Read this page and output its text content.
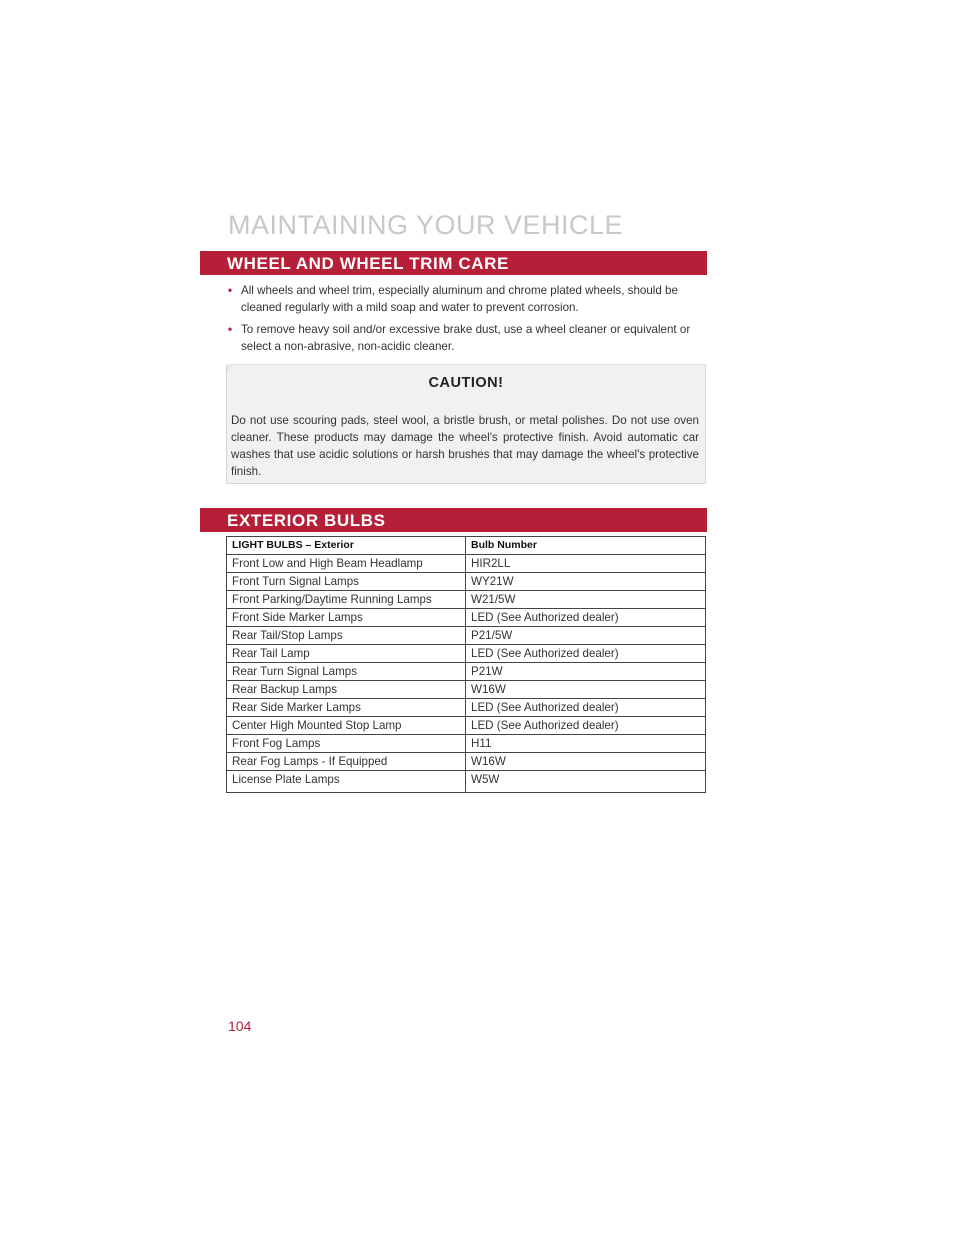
MAINTAINING YOUR VEHICLE
WHEEL AND WHEEL TRIM CARE
• All wheels and wheel trim, especially aluminum and chrome plated wheels, should be cleaned regularly with a mild soap and water to prevent corrosion.
• To remove heavy soil and/or excessive brake dust, use a wheel cleaner or equivalent or select a non-abrasive, non-acidic cleaner.
CAUTION!
Do not use scouring pads, steel wool, a bristle brush, or metal polishes. Do not use oven cleaner. These products may damage the wheel's protective finish. Avoid automatic car washes that use acidic solutions or harsh brushes that may damage the wheel's protective finish.
EXTERIOR BULBS
LIGHT BULBS – Exterior	Bulb Number
Front Low and High Beam Headlamp	HIR2LL
Front Turn Signal Lamps	WY21W
Front Parking/Daytime Running Lamps	W21/5W
Front Side Marker Lamps	LED (See Authorized dealer)
Rear Tail/Stop Lamps	P21/5W
Rear Tail Lamp	LED (See Authorized dealer)
Rear Turn Signal Lamps	P21W
Rear Backup Lamps	W16W
Rear Side Marker Lamps	LED (See Authorized dealer)
Center High Mounted Stop Lamp	LED (See Authorized dealer)
Front Fog Lamps	H11
Rear Fog Lamps - If Equipped	W16W
License Plate Lamps	W5W
104
